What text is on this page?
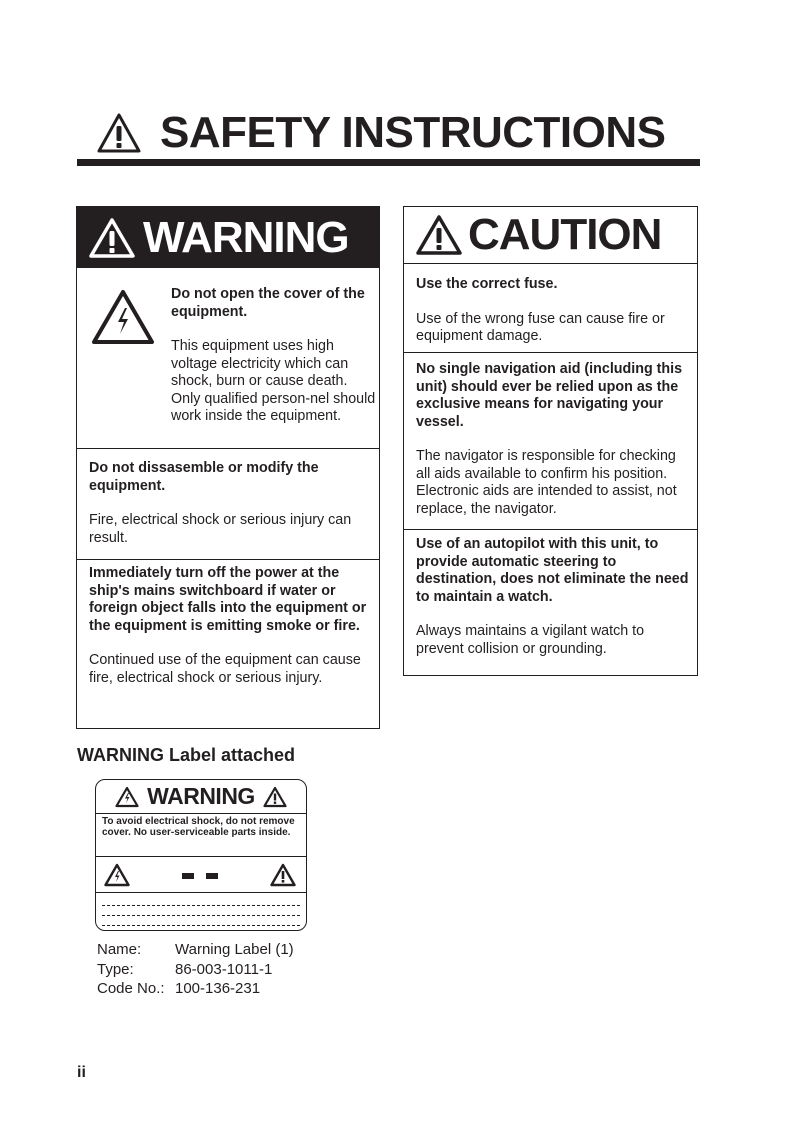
SAFETY INSTRUCTIONS
WARNING
Do not open the cover of the equipment.
This equipment uses high voltage electricity which can shock, burn or cause death. Only qualified person-nel should work inside the equipment.
Do not dissasemble or modify the equipment.
Fire, electrical shock or serious injury can result.
Immediately turn off the power at the ship's mains switchboard if water or foreign object falls into the equipment or the equipment is emitting smoke or fire.
Continued use of the equipment can cause fire, electrical shock or serious injury.
CAUTION
Use the correct fuse.
Use of the wrong fuse can cause fire or equipment damage.
No single navigation aid (including this unit) should ever be relied upon as the exclusive means for navigating your vessel.
The navigator is responsible for checking all aids available to confirm his position. Electronic aids are intended to assist, not replace, the navigator.
Use of an autopilot with this unit, to provide automatic steering to destination, does not eliminate the need to maintain a watch.
Always maintains a vigilant watch to prevent collision or grounding.
WARNING Label attached
WARNING
To avoid electrical shock, do not remove cover. No user-serviceable parts inside.
Name:	Warning Label (1)
Type:	86-003-1011-1
Code No.: 100-136-231
ii
